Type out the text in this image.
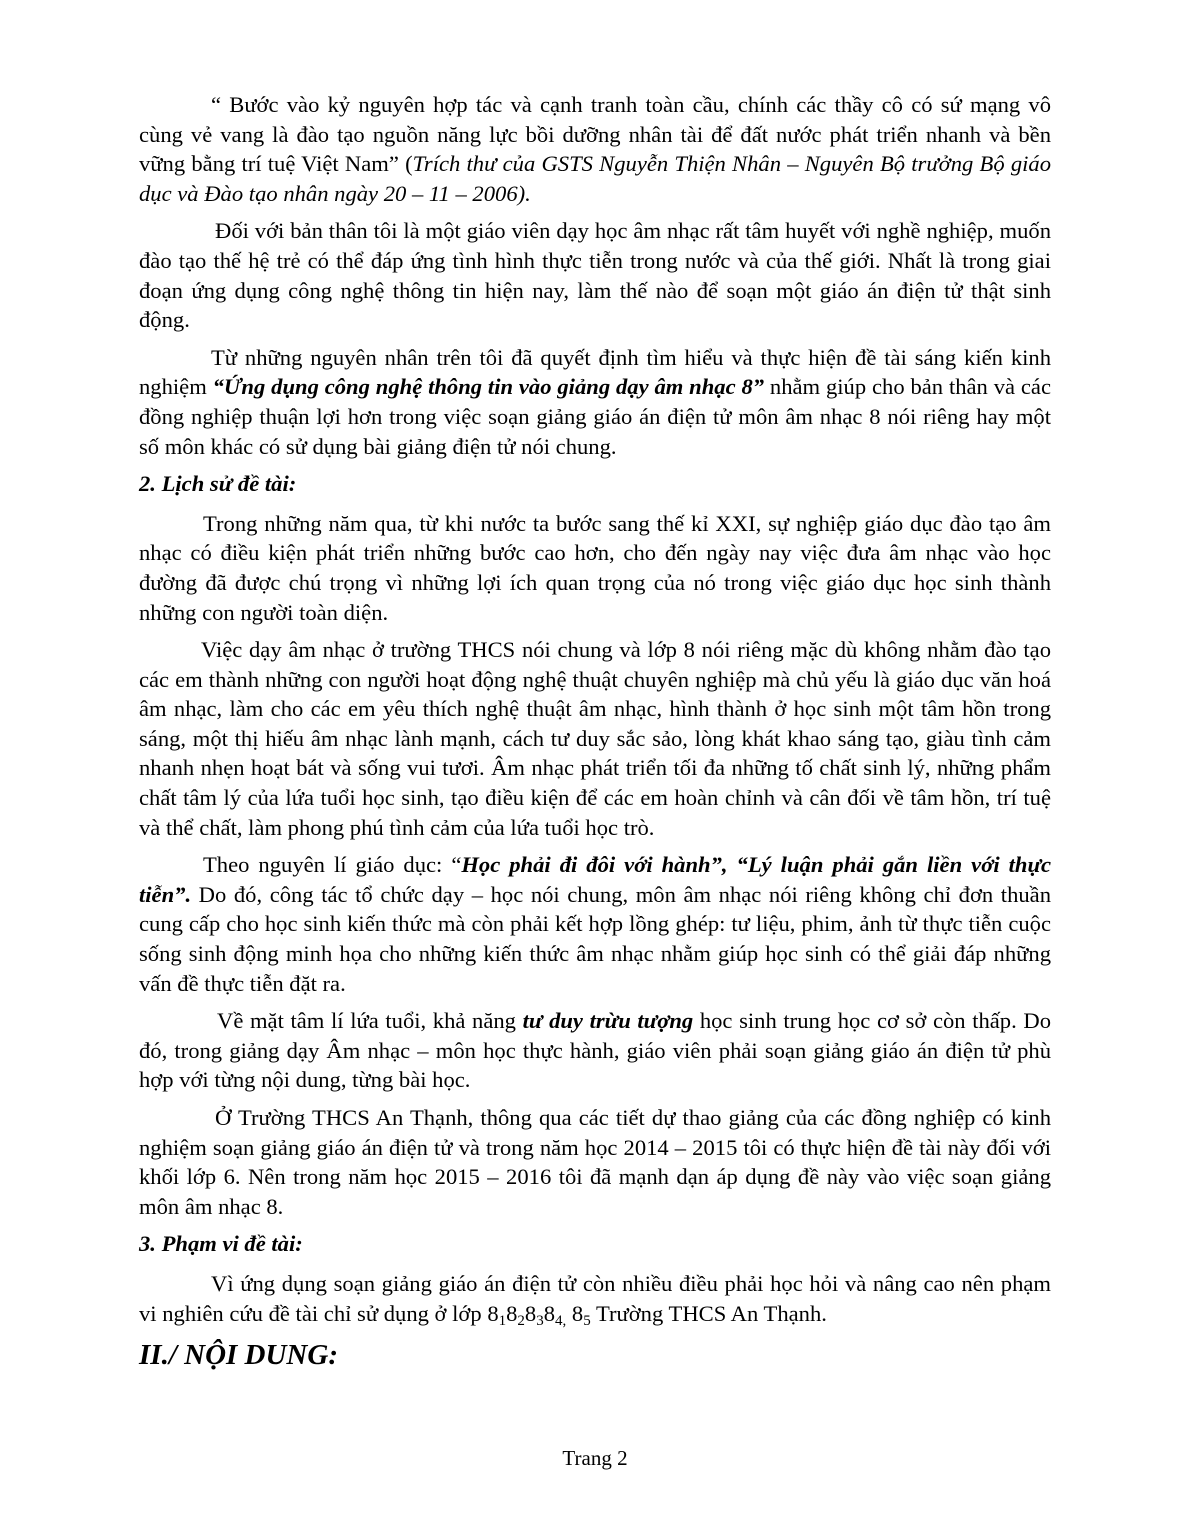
“ Bước vào kỷ nguyên hợp tác và cạnh tranh toàn cầu, chính các thầy cô có sứ mạng vô cùng vẻ vang là đào tạo nguồn năng lực bồi dưỡng nhân tài để đất nước phát triển nhanh và bền vững bằng trí tuệ Việt Nam” (Trích thư của GSTS Nguyễn Thiện Nhân – Nguyên Bộ trưởng Bộ giáo dục và Đào tạo nhân ngày 20 – 11 – 2006).

Đối với bản thân tôi là một giáo viên dạy học âm nhạc rất tâm huyết với nghề nghiệp, muốn đào tạo thế hệ trẻ có thể đáp ứng tình hình thực tiễn trong nước và của thế giới. Nhất là trong giai đoạn ứng dụng công nghệ thông tin hiện nay, làm thế nào để soạn một giáo án điện tử thật sinh động.

Từ những nguyên nhân trên tôi đã quyết định tìm hiểu và thực hiện đề tài sáng kiến kinh nghiệm “Ứng dụng công nghệ thông tin vào giảng dạy âm nhạc 8” nhằm giúp cho bản thân và các đồng nghiệp thuận lợi hơn trong việc soạn giảng giáo án điện tử môn âm nhạc 8 nói riêng hay một số môn khác có sử dụng bài giảng điện tử nói chung.

2. Lịch sử đề tài:

Trong những năm qua, từ khi nước ta bước sang thế kỉ XXI, sự nghiệp giáo dục đào tạo âm nhạc có điều kiện phát triển những bước cao hơn, cho đến ngày nay việc đưa âm nhạc vào học đường đã được chú trọng vì những lợi ích quan trọng của nó trong việc giáo dục học sinh thành những con người toàn diện.

Việc dạy âm nhạc ở trường THCS nói chung và lớp 8 nói riêng mặc dù không nhằm đào tạo các em thành những con người hoạt động nghệ thuật chuyên nghiệp mà chủ yếu là giáo dục văn hoá âm nhạc, làm cho các em yêu thích nghệ thuật âm nhạc, hình thành ở học sinh một tâm hồn trong sáng, một thị hiếu âm nhạc lành mạnh, cách tư duy sắc sảo, lòng khát khao sáng tạo, giàu tình cảm nhanh nhẹn hoạt bát và sống vui tươi. Âm nhạc phát triển tối đa những tố chất sinh lý, những phẩm chất tâm lý của lứa tuổi học sinh, tạo điều kiện để các em hoàn chỉnh và cân đối về tâm hồn, trí tuệ và thể chất, làm phong phú tình cảm của lứa tuổi học trò.

Theo nguyên lí giáo dục: “Học phải đi đôi với hành”, “Lý luận phải gắn liền với thực tiễn”. Do đó, công tác tổ chức dạy – học nói chung, môn âm nhạc nói riêng không chỉ đơn thuần cung cấp cho học sinh kiến thức mà còn phải kết hợp lồng ghép: tư liệu, phim, ảnh từ thực tiễn cuộc sống sinh động minh họa cho những kiến thức âm nhạc nhằm giúp học sinh có thể giải đáp những vấn đề thực tiễn đặt ra.

Về mặt tâm lí lứa tuổi, khả năng tư duy trừu tượng học sinh trung học cơ sở còn thấp. Do đó, trong giảng dạy Âm nhạc – môn học thực hành, giáo viên phải soạn giảng giáo án điện tử phù hợp với từng nội dung, từng bài học.

Ở Trường THCS An Thạnh, thông qua các tiết dự thao giảng của các đồng nghiệp có kinh nghiệm soạn giảng giáo án điện tử và trong năm học 2014 – 2015 tôi có thực hiện đề tài này đối với khối lớp 6. Nên trong năm học 2015 – 2016 tôi đã mạnh dạn áp dụng đề này vào việc soạn giảng môn âm nhạc 8.

3. Phạm vi đề tài:

Vì ứng dụng soạn giảng giáo án điện tử còn nhiều điều phải học hỏi và nâng cao nên phạm vi nghiên cứu đề tài chỉ sử dụng ở lớp $8_18_28_38_{4,}$ $8_5$ Trường THCS An Thạnh.

II./ NỘI DUNG:

Trang 2
